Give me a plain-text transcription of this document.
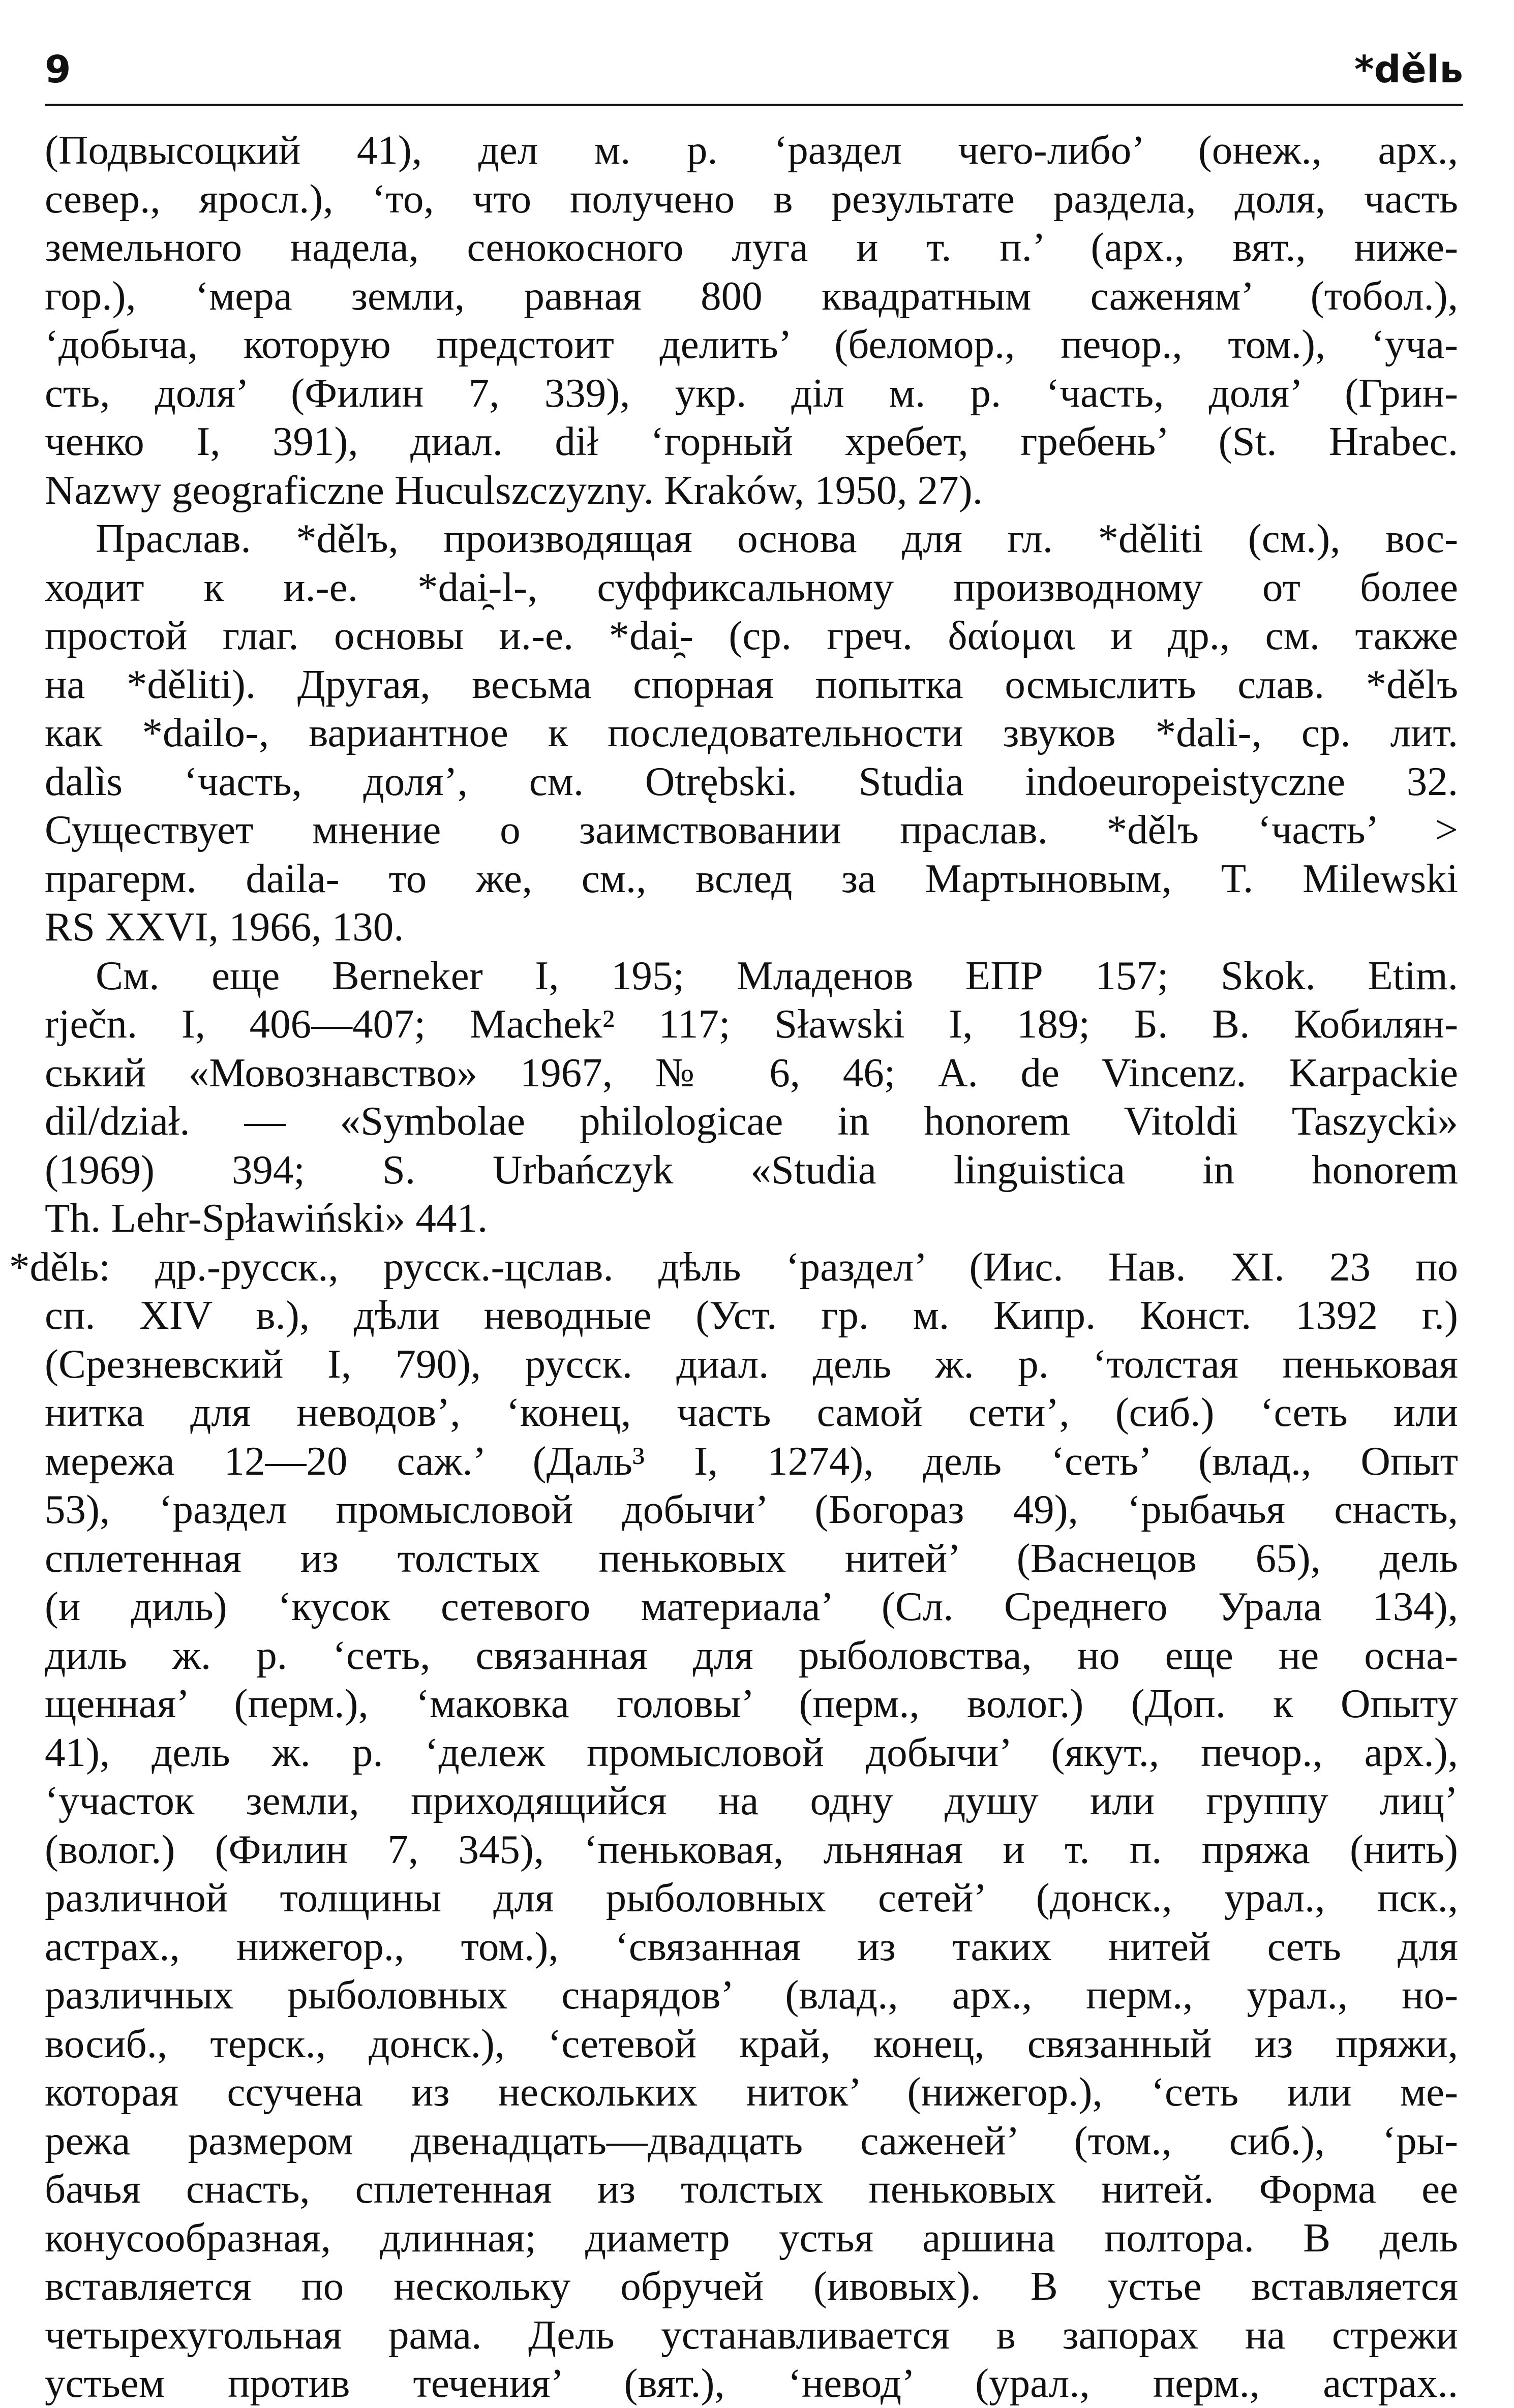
9	*dělь
(Подвысоцкий 41), дел м. р. ‘раздел чего-либо’ (онеж., арх.,
север., яросл.), ‘то, что получено в результате раздела, доля, часть
земельного надела, сенокосного луга и т. п.’ (арх., вят., ниже-
гор.), ‘мера земли, равная 800 квадратным саженям’ (тобол.),
‘добыча, которую предстоит делить’ (беломор., печор., том.), ‘уча-
сть, доля’ (Филин 7, 339), укр. дiл м. р. ‘часть, доля’ (Грин-
ченко I, 391), диал. dił ‘горный хребет, гребень’ (St. Hrabec.
Nazwy geograficzne Huculszczyzny. Kraków, 1950, 27).
Праслав. *dělъ, производящая основа для гл. *děliti (см.), вос-
ходит к и.-е. *dai̯-l-, суффиксальному производному от более
простой глаг. основы и.-е. *dai̯- (ср. греч. δαίομαι и др., см. также
на *děliti). Другая, весьма спорная попытка осмыслить слав. *dělъ
как *dailo-, вариантное к последовательности звуков *dali-, ср. лит.
dalìs ‘часть, доля’, см. Otrębski. Studia indoeuropeistyczne 32.
Существует мнение о заимствовании праслав. *dělъ ‘часть’ >
прагерм. daila- то же, см., вслед за Мартыновым, T. Milewski
RS XXVI, 1966, 130.
См. еще Berneker I, 195; Младенов ЕПР 157; Skok. Etim.
rječn. I, 406—407; Machek² 117; Sławski I, 189; Б. В. Кобилян-
ський «Мовознавство» 1967, № 6, 46; A. de Vincenz. Karpackie
dil/dział. — «Symbolae philologicae in honorem Vitoldi Taszycki»
(1969) 394; S. Urbańczyk «Studia linguistica in honorem
Th. Lehr-Spławiński» 441.
*dělь: др.-русск., русск.-цслав. дѣль ‘раздел’ (Иис. Нав. XI. 23 по
сп. XIV в.), дѣли неводные (Уст. гр. м. Кипр. Конст. 1392 г.)
(Срезневский I, 790), русск. диал. дель ж. р. ‘толстая пеньковая
нитка для неводов’, ‘конец, часть самой сети’, (сиб.) ‘сеть или
мережа 12—20 саж.’ (Даль³ I, 1274), дель ‘сеть’ (влад., Опыт
53), ‘раздел промысловой добычи’ (Богораз 49), ‘рыбачья снасть,
сплетенная из толстых пеньковых нитей’ (Васнецов 65), дель
(и диль) ‘кусок сетевого материала’ (Сл. Среднего Урала 134),
диль ж. р. ‘сеть, связанная для рыболовства, но еще не осна-
щенная’ (перм.), ‘маковка головы’ (перм., волог.) (Доп. к Опыту
41), дель ж. р. ‘дележ промысловой добычи’ (якут., печор., арх.),
‘участок земли, приходящийся на одну душу или группу лиц’
(волог.) (Филин 7, 345), ‘пеньковая, льняная и т. п. пряжа (нить)
различной толщины для рыболовных сетей’ (донск., урал., пск.,
астрах., нижегор., том.), ‘связанная из таких нитей сеть для
различных рыболовных снарядов’ (влад., арх., перм., урал., но-
восиб., терск., донск.), ‘сетевой край, конец, связанный из пряжи,
которая ссучена из нескольких ниток’ (нижегор.), ‘сеть или ме-
режа размером двенадцать—двадцать саженей’ (том., сиб.), ‘ры-
бачья снасть, сплетенная из толстых пеньковых нитей. Форма ее
конусообразная, длинная; диаметр устья аршина полтора. В дель
вставляется по нескольку обручей (ивовых). В устье вставляется
четырехугольная рама. Дель устанавливается в запорах на стрежи
устьем против течения’ (вят.), ‘невод’ (урал., перм., астрах..
